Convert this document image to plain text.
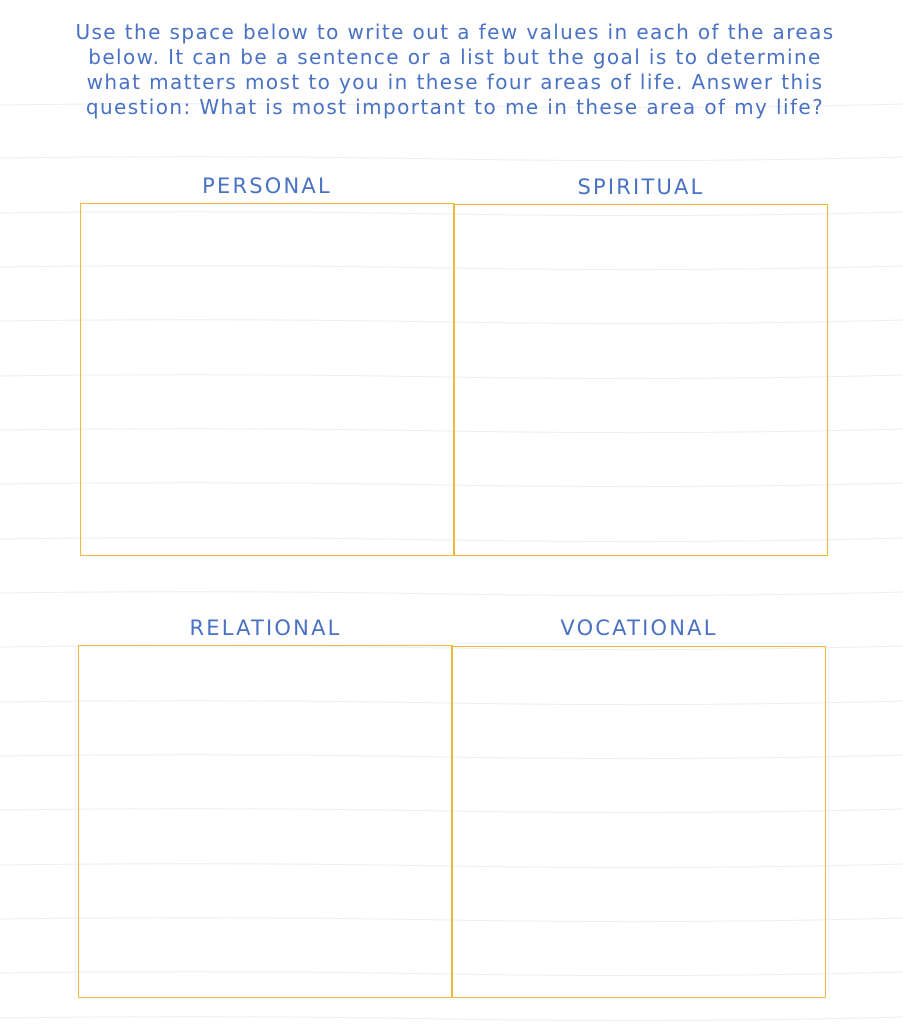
Use the space below to write out a few values in each of the areas below. It can be a sentence or a list but the goal is to determine what matters most to you in these four areas of life. Answer this question: What is most important to me in these area of my life?

PERSONAL	SPIRITUAL
RELATIONAL	VOCATIONAL
